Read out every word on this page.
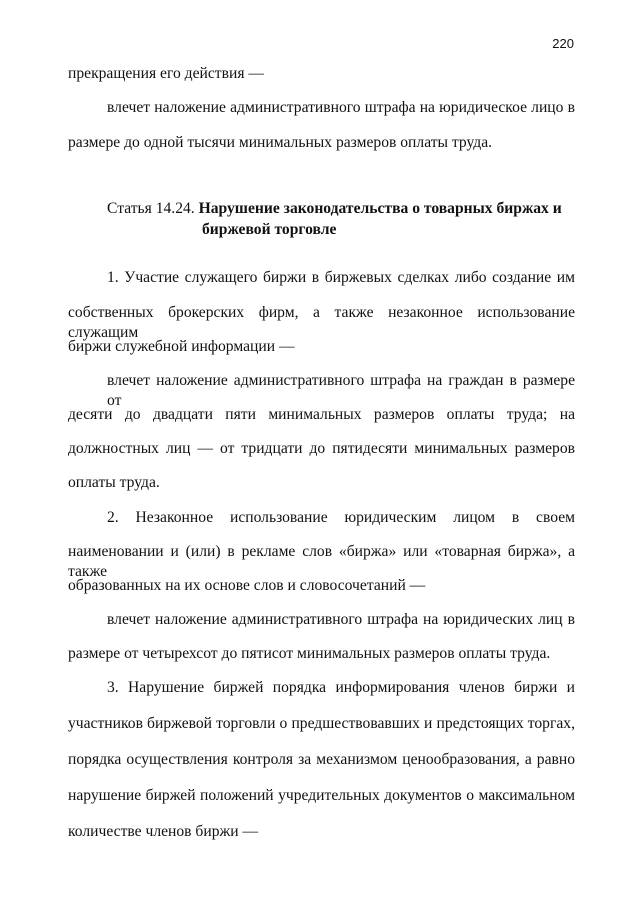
220
прекращения его действия —
влечет наложение административного штрафа на юридическое лицо в
размере до одной тысячи минимальных размеров оплаты труда.
Статья 14.24. Нарушение законодательства о товарных биржах и
биржевой торговле
1. Участие служащего биржи в биржевых сделках либо создание им
собственных брокерских фирм, а также незаконное использование служащим
биржи служебной информации —
влечет наложение административного штрафа на граждан в размере от
десяти до двадцати пяти минимальных размеров оплаты труда; на
должностных лиц — от тридцати до пятидесяти минимальных размеров
оплаты труда.
2. Незаконное использование юридическим лицом в своем
наименовании и (или) в рекламе слов «биржа» или «товарная биржа», а также
образованных на их основе слов и словосочетаний —
влечет наложение административного штрафа на юридических лиц в
размере от четырехсот до пятисот минимальных размеров оплаты труда.
3. Нарушение биржей порядка информирования членов биржи и
участников биржевой торговли о предшествовавших и предстоящих торгах,
порядка осуществления контроля за механизмом ценообразования, а равно
нарушение биржей положений учредительных документов о максимальном
количестве членов биржи —
